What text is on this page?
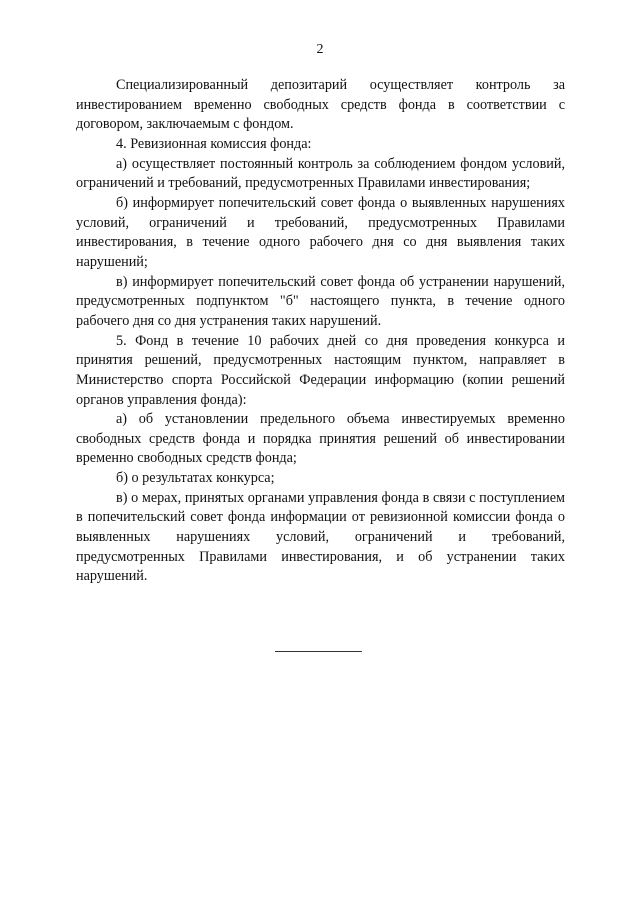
2

Специализированный депозитарий осуществляет контроль за инвестированием временно свободных средств фонда в соответствии с договором, заключаемым с фондом.

4. Ревизионная комиссия фонда:

а) осуществляет постоянный контроль за соблюдением фондом условий, ограничений и требований, предусмотренных Правилами инвестирования;

б) информирует попечительский совет фонда о выявленных нарушениях условий, ограничений и требований, предусмотренных Правилами инвестирования, в течение одного рабочего дня со дня выявления таких нарушений;

в) информирует попечительский совет фонда об устранении нарушений, предусмотренных подпунктом "б" настоящего пункта, в течение одного рабочего дня со дня устранения таких нарушений.

5. Фонд в течение 10 рабочих дней со дня проведения конкурса и принятия решений, предусмотренных настоящим пунктом, направляет в Министерство спорта Российской Федерации информацию (копии решений органов управления фонда):

а) об установлении предельного объема инвестируемых временно свободных средств фонда и порядка принятия решений об инвестировании временно свободных средств фонда;

б) о результатах конкурса;

в) о мерах, принятых органами управления фонда в связи с поступлением в попечительский совет фонда информации от ревизионной комиссии фонда о выявленных нарушениях условий, ограничений и требований, предусмотренных Правилами инвестирования, и об устранении таких нарушений.
